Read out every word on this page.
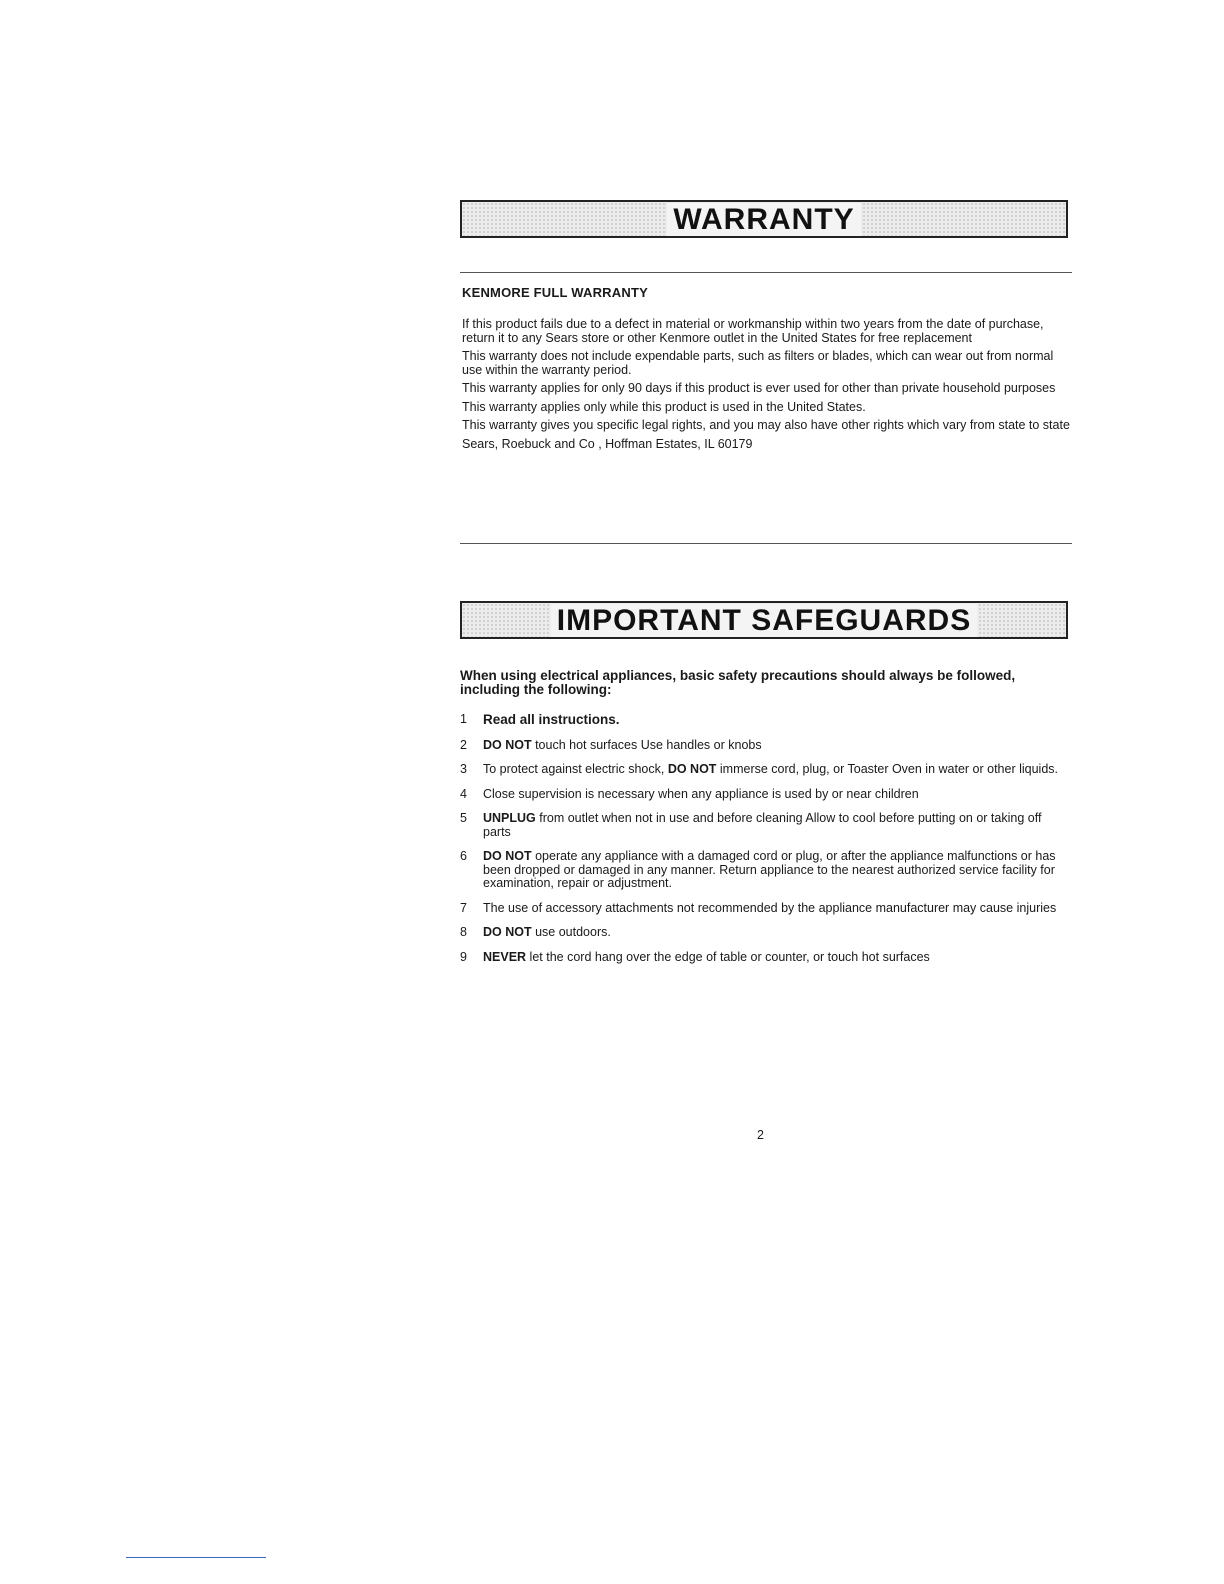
WARRANTY
KENMORE FULL WARRANTY

If this product fails due to a defect in material or workmanship within two years from the date of purchase, return it to any Sears store or other Kenmore outlet in the United States for free replacement

This warranty does not include expendable parts, such as filters or blades, which can wear out from normal use within the warranty period.

This warranty applies for only 90 days if this product is ever used for other than private household purposes

This warranty applies only while this product is used in the United States.

This warranty gives you specific legal rights, and you may also have other rights which vary from state to state

Sears, Roebuck and Co , Hoffman Estates, IL 60179

IMPORTANT SAFEGUARDS
When using electrical appliances, basic safety precautions should always be followed, including the following:
1 Read all instructions.
2 DO NOT touch hot surfaces Use handles or knobs
3 To protect against electric shock, DO NOT immerse cord, plug, or Toaster Oven in water or other liquids.
4 Close supervision is necessary when any appliance is used by or near children
5 UNPLUG from outlet when not in use and before cleaning Allow to cool before putting on or taking off parts
6 DO NOT operate any appliance with a damaged cord or plug, or after the appliance malfunctions or has been dropped or damaged in any manner. Return appliance to the nearest authorized service facility for examination, repair or adjustment.
7 The use of accessory attachments not recommended by the appliance manufacturer may cause injuries
8 DO NOT use outdoors.
9 NEVER let the cord hang over the edge of table or counter, or touch hot surfaces
2
